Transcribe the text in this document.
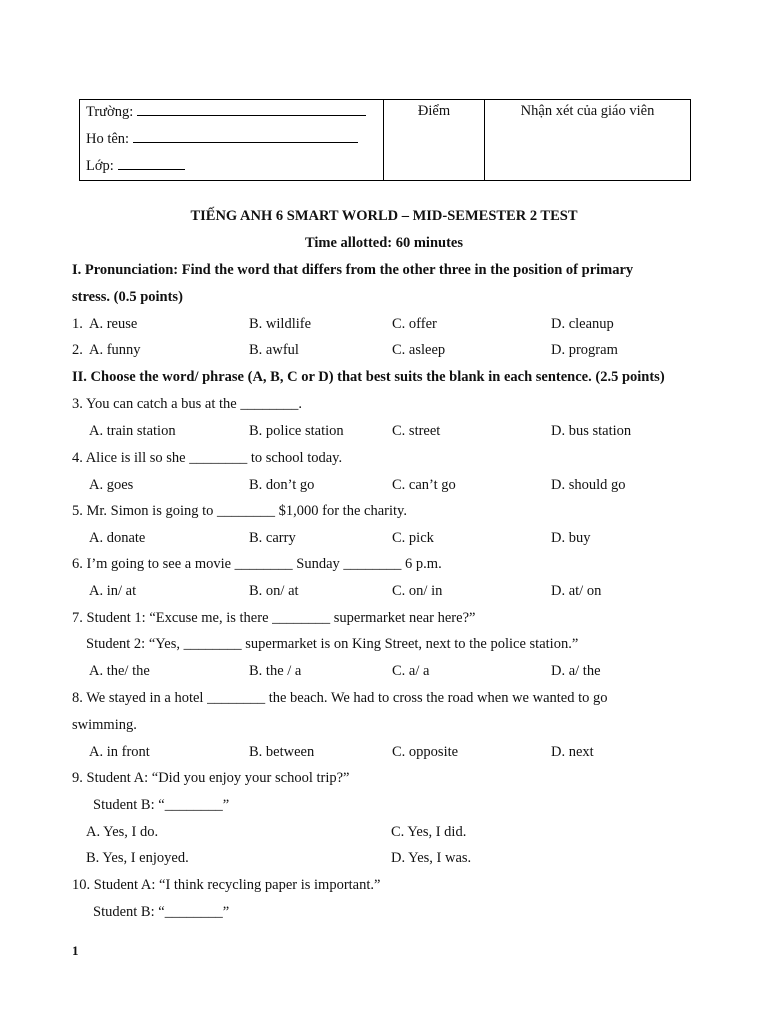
Trường:
Ho tên:
Lớp:
Điểm	Nhận xét của giáo viên
TIẾNG ANH 6 SMART WORLD – MID-SEMESTER 2 TEST
Time allotted: 60 minutes
I. Pronunciation: Find the word that differs from the other three in the position of primary
stress. (0.5 points)
1. A. reuse	B. wildlife	C. offer	D. cleanup
2. A. funny	B. awful	C. asleep	D. program
II. Choose the word/ phrase (A, B, C or D) that best suits the blank in each sentence. (2.5 points)
3. You can catch a bus at the ________.
A. train station	B. police station	C. street	D. bus station
4. Alice is ill so she ________ to school today.
A. goes	B. don’t go	C. can’t go	D. should go
5. Mr. Simon is going to ________ $1,000 for the charity.
A. donate	B. carry	C. pick	D. buy
6. I’m going to see a movie ________ Sunday ________ 6 p.m.
A. in/ at	B. on/ at	C. on/ in	D. at/ on
7. Student 1: “Excuse me, is there ________ supermarket near here?”
Student 2: “Yes, ________ supermarket is on King Street, next to the police station.”
A. the/ the	B. the / a	C. a/ a	D. a/ the
8. We stayed in a hotel ________ the beach. We had to cross the road when we wanted to go
swimming.
A. in front	B. between	C. opposite	D. next
9. Student A: “Did you enjoy your school trip?”
Student B: “________”
A. Yes, I do.	C. Yes, I did.
B. Yes, I enjoyed.	D. Yes, I was.
10. Student A: “I think recycling paper is important.”
Student B: “________”
1
